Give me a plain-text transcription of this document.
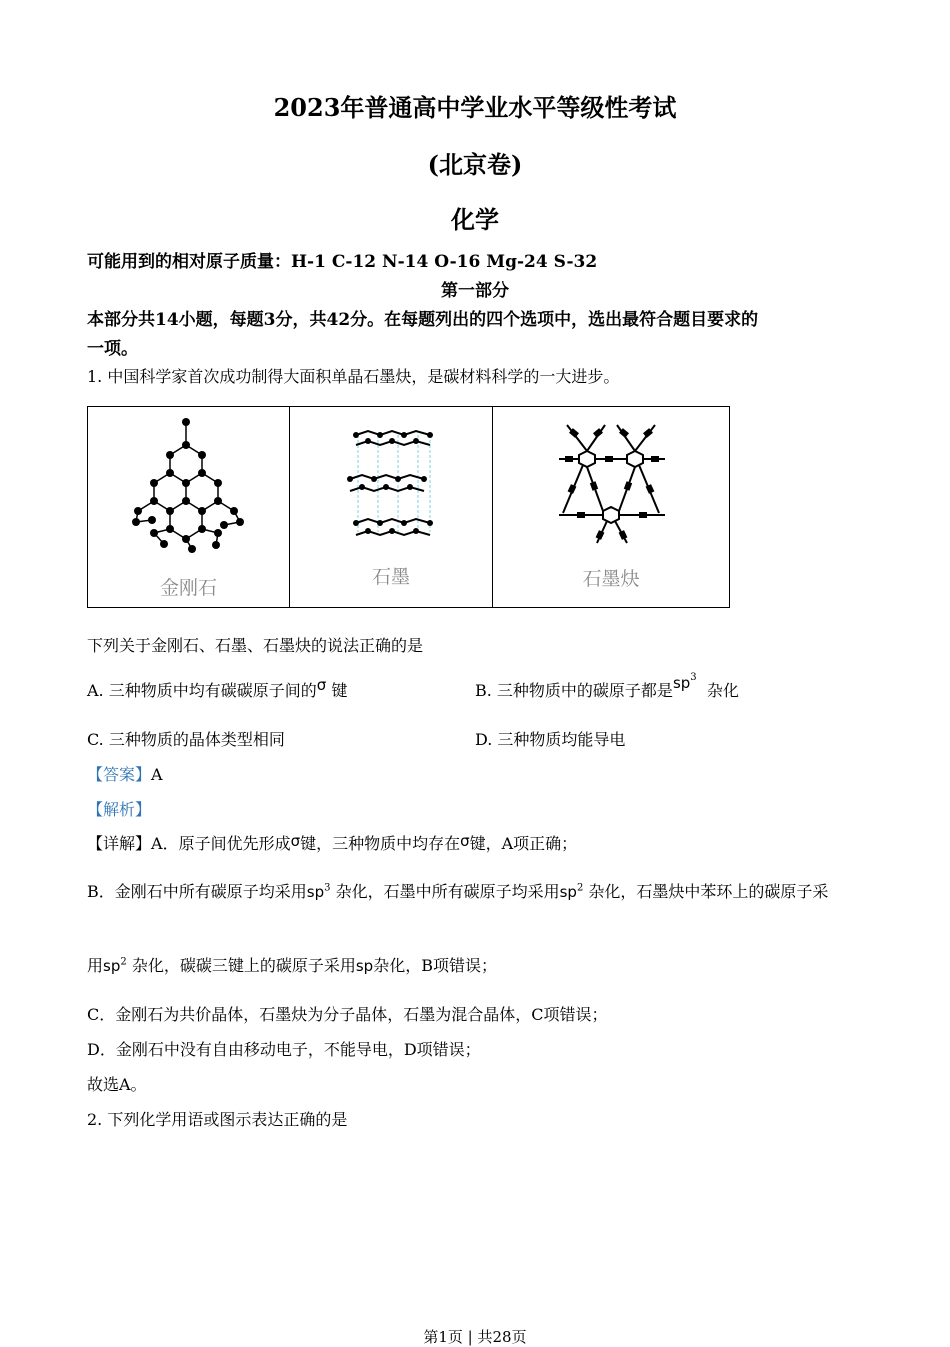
2023年普通高中学业水平等级性考试
(北京卷)
化学
可能用到的相对原子质量：H-1 C-12 N-14 O-16 Mg-24 S-32
第一部分
本部分共14小题，每题3分，共42分。在每题列出的四个选项中，选出最符合题目要求的
一项。
1. 中国科学家首次成功制得大面积单晶石墨炔，是碳材料科学的一大进步。
金刚石	石墨	石墨炔
下列关于金刚石、石墨、石墨炔的说法正确的是
A. 三种物质中均有碳碳原子间的σ 键	B. 三种物质中的碳原子都是$sp^3$  杂化
C. 三种物质的晶体类型相同	D. 三种物质均能导电
【答案】A
【解析】
【详解】A．原子间优先形成σ键，三种物质中均存在σ键，A项正确；
B．金刚石中所有碳原子均采用$sp^3$ 杂化，石墨中所有碳原子均采用$sp^2$ 杂化，石墨炔中苯环上的碳原子采
用$sp^2$ 杂化，碳碳三键上的碳原子采用sp杂化，B项错误；
C．金刚石为共价晶体，石墨炔为分子晶体，石墨为混合晶体，C项错误；
D．金刚石中没有自由移动电子，不能导电，D项错误；
故选A。
2. 下列化学用语或图示表达正确的是
第1页 | 共28页
